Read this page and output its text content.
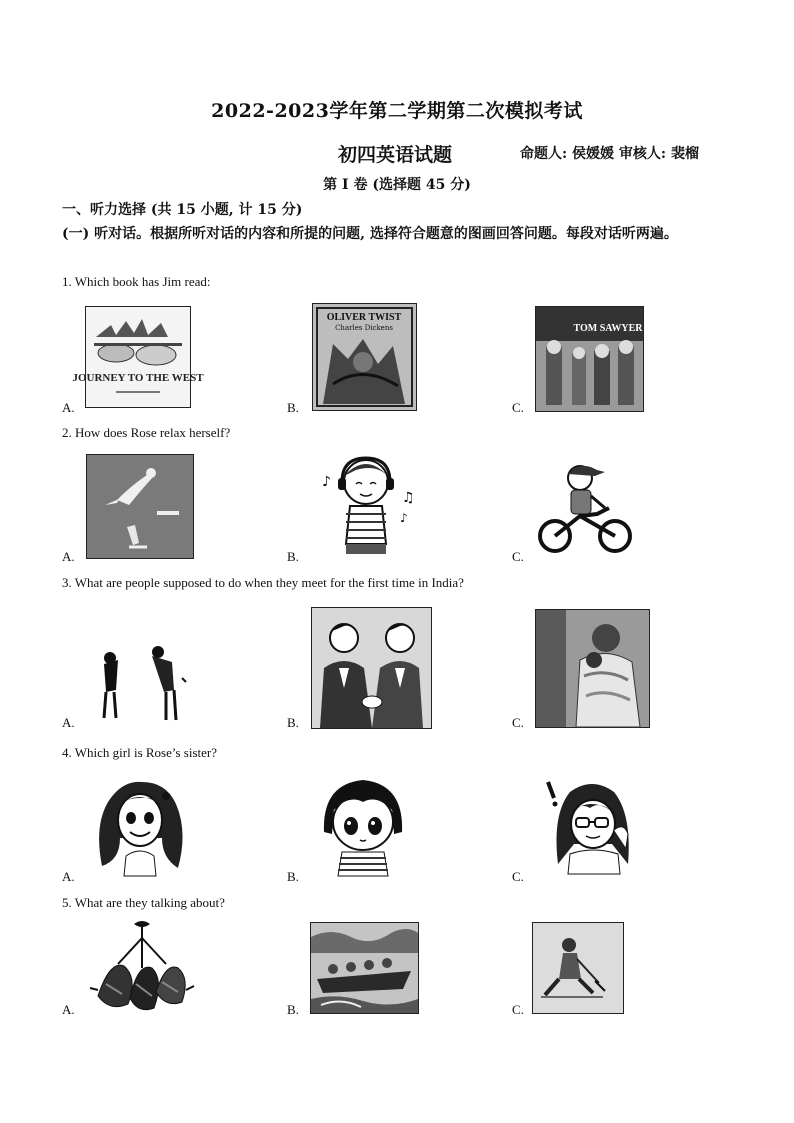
2022-2023学年第二学期第二次模拟考试
初四英语试题	命题人: 侯媛媛 审核人: 裴榴
第 I 卷 (选择题 45 分)
一、听力选择 (共 15 小题, 计 15 分)
(一) 听对话。根据所听对话的内容和所提的问题, 选择符合题意的图画回答问题。每段对话听两遍。
1. Which book has Jim read:
A.
JOURNEY TO THE WEST
B.
OLIVER TWIST
Charles Dickens
C.
TOM SAWYER
2. How does Rose relax herself?
A.	B.
♪
♫
♪
C.
3. What are people supposed to do when they meet for the first time in India?
A.	B.	C.
4. Which girl is Rose’s sister?
A.	B.	C.
5. What are they talking about?
A.	B.	C.
